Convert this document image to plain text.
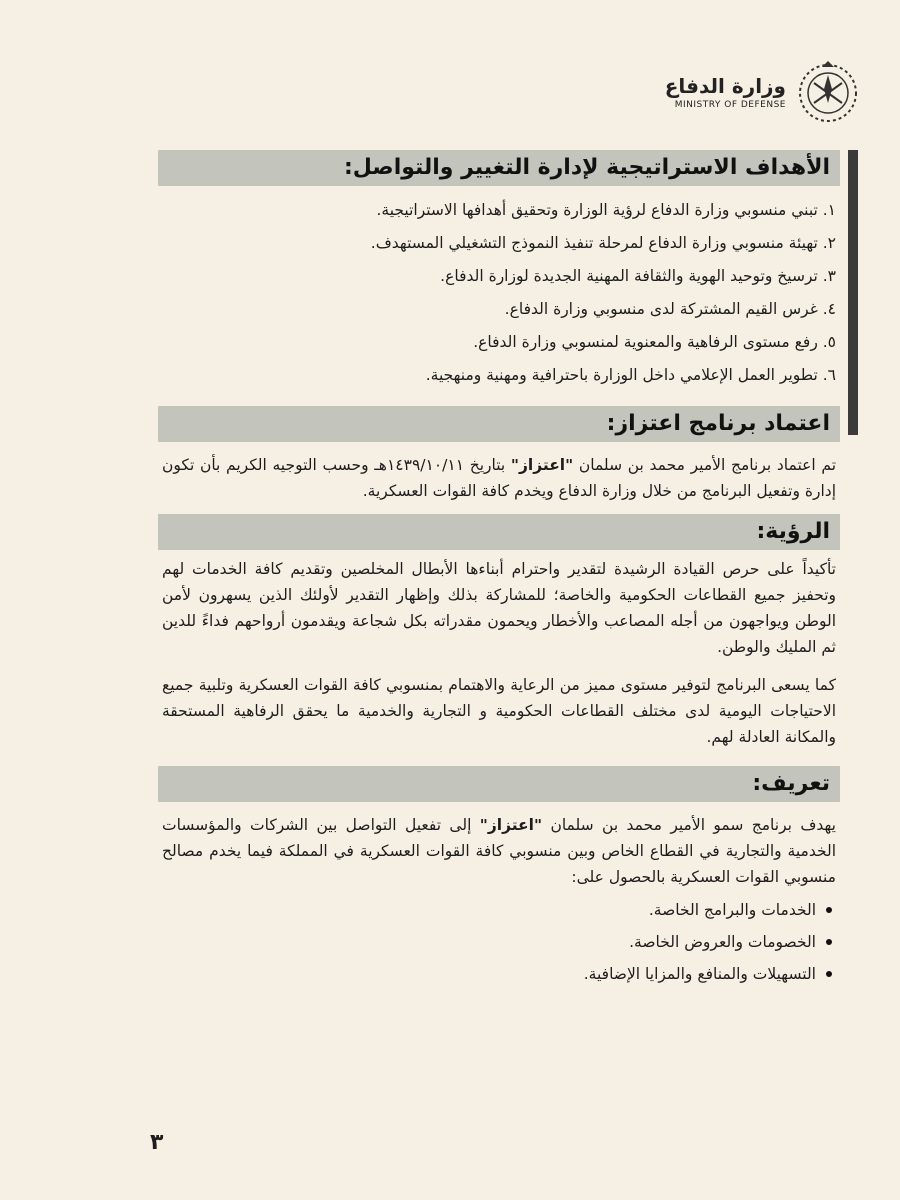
وزارة الدفاع
MINISTRY OF DEFENSE
الأهداف الاستراتيجية لإدارة التغيير والتواصل:
١. تبني منسوبي وزارة الدفاع لرؤية الوزارة وتحقيق أهدافها الاستراتيجية.
٢. تهيئة منسوبي وزارة الدفاع لمرحلة تنفيذ النموذج التشغيلي المستهدف.
٣. ترسيخ وتوحيد الهوية والثقافة المهنية الجديدة لوزارة الدفاع.
٤. غرس القيم المشتركة لدى منسوبي وزارة الدفاع.
٥. رفع مستوى الرفاهية والمعنوية لمنسوبي وزارة الدفاع.
٦. تطوير العمل الإعلامي داخل الوزارة باحترافية ومهنية ومنهجية.
اعتماد برنامج اعتزاز:

تم اعتماد برنامج الأمير محمد بن سلمان "اعتزاز" بتاريخ ١٤٣٩/١٠/١١هـ وحسب التوجيه الكريم بأن تكون إدارة وتفعيل البرنامج من خلال وزارة الدفاع ويخدم كافة القوات العسكرية.

الرؤية:

تأكيداً على حرص القيادة الرشيدة لتقدير واحترام أبناءها الأبطال المخلصين وتقديم كافة الخدمات لهم وتحفيز جميع القطاعات الحكومية والخاصة؛ للمشاركة بذلك وإظهار التقدير لأولئك الذين يسهرون لأمن الوطن ويواجهون من أجله المصاعب والأخطار ويحمون مقدراته بكل شجاعة ويقدمون أرواحهم فداءً للدين ثم المليك والوطن.

كما يسعى البرنامج لتوفير مستوى مميز من الرعاية والاهتمام بمنسوبي كافة القوات العسكرية وتلبية جميع الاحتياجات اليومية لدى مختلف القطاعات الحكومية و التجارية والخدمية ما يحقق الرفاهية المستحقة والمكانة العادلة لهم.

تعريف:

يهدف برنامج سمو الأمير محمد بن سلمان "اعتزاز" إلى تفعيل التواصل بين الشركات والمؤسسات الخدمية والتجارية في القطاع الخاص وبين منسوبي كافة القوات العسكرية في المملكة فيما يخدم مصالح منسوبي القوات العسكرية بالحصول على:

الخدمات والبرامج الخاصة.
الخصومات والعروض الخاصة.
التسهيلات والمنافع والمزايا الإضافية.
٣
